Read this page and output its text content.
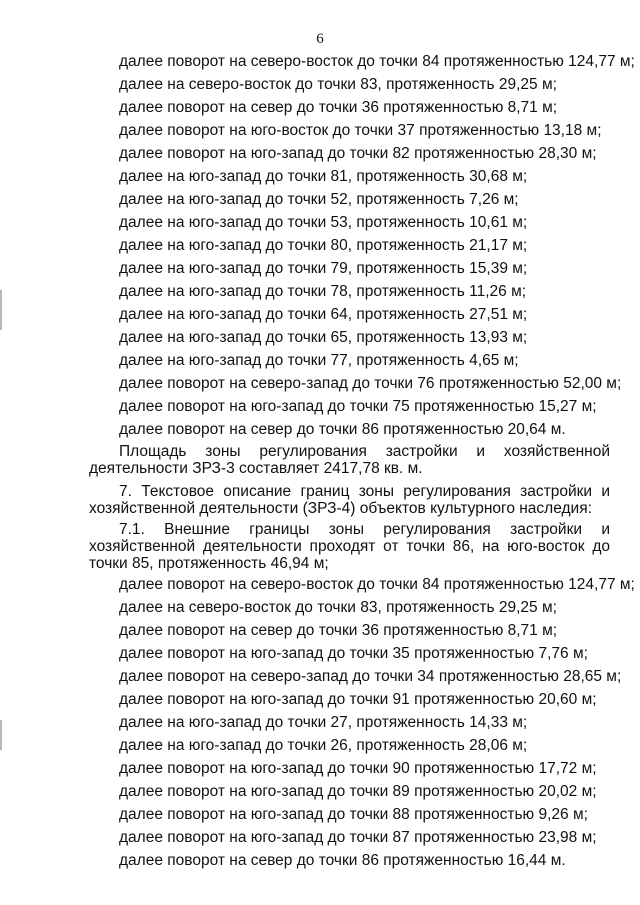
6
далее поворот на северо-восток до точки 84 протяженностью 124,77 м;
далее на северо-восток до точки 83, протяженность 29,25 м;
далее поворот на север до точки 36 протяженностью 8,71 м;
далее поворот на юго-восток до точки 37 протяженностью 13,18 м;
далее поворот на юго-запад до точки 82 протяженностью 28,30 м;
далее на юго-запад до точки 81, протяженность 30,68 м;
далее на юго-запад до точки 52, протяженность 7,26 м;
далее на юго-запад до точки 53, протяженность 10,61 м;
далее на юго-запад до точки 80, протяженность 21,17 м;
далее на юго-запад до точки 79, протяженность 15,39 м;
далее на юго-запад до точки 78, протяженность 11,26 м;
далее на юго-запад до точки 64, протяженность 27,51 м;
далее на юго-запад до точки 65, протяженность 13,93 м;
далее на юго-запад до точки 77, протяженность 4,65 м;
далее поворот на северо-запад до точки 76 протяженностью 52,00 м;
далее поворот на юго-запад до точки 75 протяженностью 15,27 м;
далее поворот на север до точки 86 протяженностью 20,64 м.
Площадь зоны регулирования застройки и хозяйственной деятельности ЗРЗ-3 составляет 2417,78 кв. м.
7. Текстовое описание границ зоны регулирования застройки и хозяйственной деятельности (ЗРЗ-4) объектов культурного наследия:
7.1. Внешние границы зоны регулирования застройки и хозяйственной деятельности проходят от точки 86, на юго-восток до точки 85, протяженность 46,94 м;
далее поворот на северо-восток до точки 84 протяженностью 124,77 м;
далее на северо-восток до точки 83, протяженность 29,25 м;
далее поворот на север до точки 36 протяженностью 8,71 м;
далее поворот на юго-запад до точки 35 протяженностью 7,76 м;
далее поворот на северо-запад до точки 34 протяженностью 28,65 м;
далее поворот на юго-запад до точки 91 протяженностью 20,60 м;
далее на юго-запад до точки 27, протяженность 14,33 м;
далее на юго-запад до точки 26, протяженность 28,06 м;
далее поворот на юго-запад до точки 90 протяженностью 17,72 м;
далее поворот на юго-запад до точки 89 протяженностью 20,02 м;
далее поворот на юго-запад до точки 88 протяженностью 9,26 м;
далее поворот на юго-запад до точки 87 протяженностью 23,98 м;
далее поворот на север до точки 86 протяженностью 16,44 м.
